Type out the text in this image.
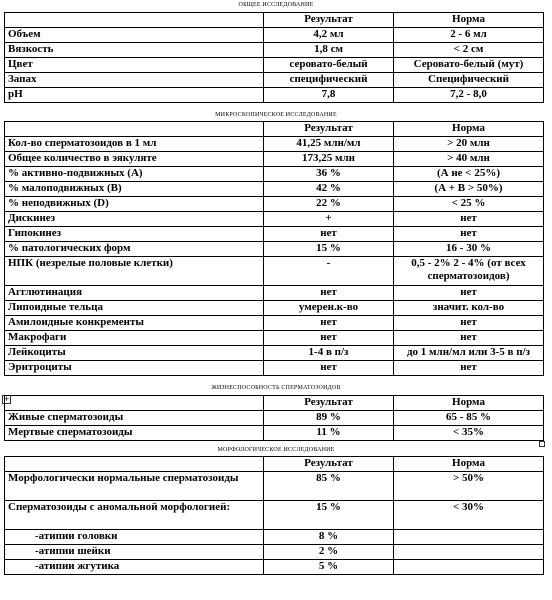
ОБЩЕЕ ИССЛЕДОВАНИЕ
	Результат	Норма
Объем	4,2 мл	2 - 6 мл
Вязкость	1,8 см	< 2 см
Цвет	серовато-белый	Серовато-белый (мут)
Запах	специфический	Специфический
pH	7,8	7,2 - 8,0
МИКРОСКОПИЧЕСКОЕ ИССЛЕДОВАНИЕ
	Результат	Норма
Кол-во сперматозоидов в 1 мл	41,25 млн/мл	> 20 млн
Общее количество в эякуляте	173,25 млн	> 40 млн
% активно-подвижных (А)	36 %	(А не < 25%)
% малоподвижных (В)	42 %	(А + В > 50%)
% неподвижных (D)	22 %	< 25 %
Дискинез	+	нет
Гипокинез	нет	нет
% патологических форм	15 %	16 - 30 %
НПК (незрелые половые клетки)	-	0,5 - 2% 2 - 4% (от всех сперматозоидов)
Агглютинация	нет	нет
Липоидные тельца	умерен.к-во	значит. кол-во
Амилоидные конкременты	нет	нет
Макрофаги	нет	нет
Лейкоциты	1-4 в п/з	до 1 млн/мл или 3-5 в п/з
Эритроциты	нет	нет
+
ЖИЗНЕСПОСОБНОСТЬ СПЕРМАТОЗОИДОВ
	Результат	Норма
Живые сперматозоиды	89 %	65 - 85 %
Мертвые сперматозоиды	11 %	< 35%
МОРФОЛОГИЧЕСКОЕ ИССЛЕДОВАНИЕ
	Результат	Норма
Морфологически нормальные сперматозоиды	85 %	> 50%
Сперматозоиды с аномальной морфологией:	15 %	< 30%
-атипии головки	8 %	
-атипии шейки	2 %	
-атипии жгутика	5 %	
